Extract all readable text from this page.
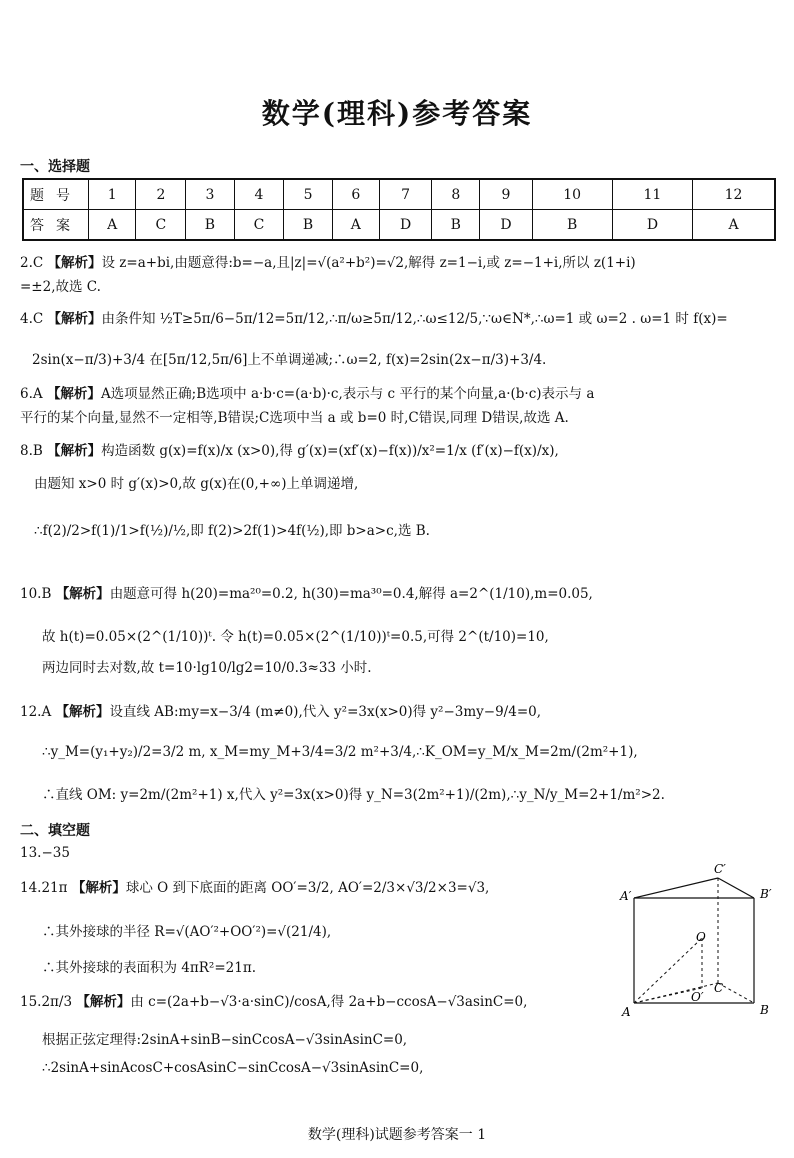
数学(理科)参考答案
一、选择题
题号	1	2	3	4	5	6	7	8	9	10	11	12
答案	A	C	B	C	B	A	D	B	D	B	D	A
2.C 【解析】设 z=a+bi,由题意得:b=−a,且|z|=√(a²+b²)=√2,解得 z=1−i,或 z=−1+i,所以 z(1+i)
=±2,故选 C.
4.C 【解析】由条件知 ½T≥5π/6−5π/12=5π/12,∴π/ω≥5π/12,∴ω≤12/5,∵ω∈N*,∴ω=1 或 ω=2 . ω=1 时 f(x)=
2sin(x−π/3)+3/4 在[5π/12,5π/6]上不单调递减;∴ω=2, f(x)=2sin(2x−π/3)+3/4.
6.A 【解析】A选项显然正确;B选项中 a·b·c=(a·b)·c,表示与 c 平行的某个向量,a·(b·c)表示与 a
平行的某个向量,显然不一定相等,B错误;C选项中当 a 或 b=0 时,C错误,同理 D错误,故选 A.
8.B 【解析】构造函数 g(x)=f(x)/x (x>0),得 g′(x)=(xf′(x)−f(x))/x²=1/x (f′(x)−f(x)/x),
由题知 x>0 时 g′(x)>0,故 g(x)在(0,+∞)上单调递增,
∴f(2)/2>f(1)/1>f(½)/½,即 f(2)>2f(1)>4f(½),即 b>a>c,选 B.
10.B 【解析】由题意可得 h(20)=ma²⁰=0.2, h(30)=ma³⁰=0.4,解得 a=2^(1/10),m=0.05,
故 h(t)=0.05×(2^(1/10))ᵗ. 令 h(t)=0.05×(2^(1/10))ᵗ=0.5,可得 2^(t/10)=10,
两边同时去对数,故 t=10·lg10/lg2=10/0.3≈33 小时.
12.A 【解析】设直线 AB:my=x−3/4 (m≠0),代入 y²=3x(x>0)得 y²−3my−9/4=0,
∴y_M=(y₁+y₂)/2=3/2 m, x_M=my_M+3/4=3/2 m²+3/4,∴K_OM=y_M/x_M=2m/(2m²+1),
∴直线 OM: y=2m/(2m²+1) x,代入 y²=3x(x>0)得 y_N=3(2m²+1)/(2m),∴y_N/y_M=2+1/m²>2.
二、填空题
13.−35
14.21π 【解析】球心 O 到下底面的距离 OO′=3/2, AO′=2/3×√3/2×3=√3,
∴其外接球的半径 R=√(AO′²+OO′²)=√(21/4),
∴其外接球的表面积为 4πR²=21π.
15.2π/3 【解析】由 c=(2a+b−√3·a·sinC)/cosA,得 2a+b−ccosA−√3asinC=0,
根据正弦定理得:2sinA+sinB−sinCcosA−√3sinAsinC=0,
∴2sinA+sinAcosC+cosAsinC−sinCcosA−√3sinAsinC=0,
A′	B′
C′
O
O′
A	B
C
数学(理科)试题参考答案一 1
